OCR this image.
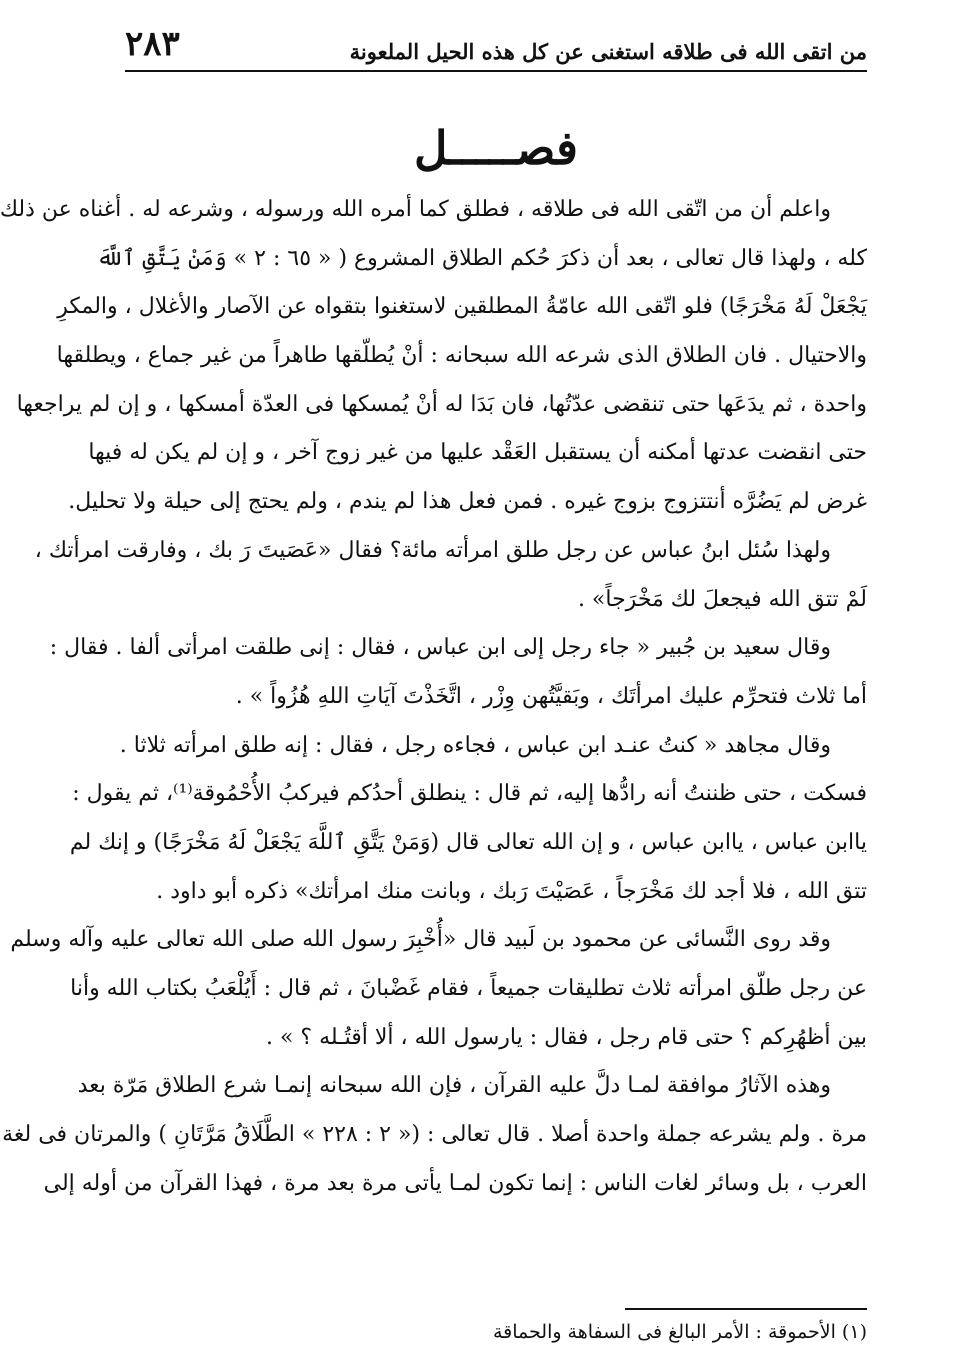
من اتقى الله فى طلاقه استغنى عن كل هذه الحيل الملعونة
٢٨٣
فصـــــل
واعلم أن من اتّقى الله فى طلاقه ، فطلق كما أمره الله ورسوله ، وشرعه له . أغناه عن ذلك
كله ، ولهذا قال تعالى ، بعد أن ذكرَ حُكم الطلاق المشروع ( « ٦٥ : ٢ » وَمَنْ يَتَّقِ ٱللَّهَ
يَجْعَلْ لَهُ مَخْرَجًا) فلو اتّقى الله عامّةُ المطلقين لاستغنوا بتقواه عن الآصار والأغلال ، والمكرِ
والاحتيال . فان الطلاق الذى شرعه الله سبحانه : أنْ يُطلّقها طاهراً من غير جماع ، ويطلقها
واحدة ، ثم يدَعَها حتى تنقضى عدّتُها، فان بَدَا له أنْ يُمسكها فى العدّة أمسكها ، و إن لم يراجعها
حتى انقضت عدتها أمكنه أن يستقبل العَقْد عليها من غير زوج آخر ، و إن لم يكن له فيها
غرض لم يَضُرَّه أنتتزوج بزوج غيره . فمن فعل هذا لم يندم ، ولم يحتج إلى حيلة ولا تحليل.
ولهذا سُئل ابنُ عباس عن رجل طلق امرأته مائة؟ فقال «عَصَيتَ رَ بك ، وفارقت امرأتك ،
لَمْ تتق الله فيجعلَ لك مَخْرَجاً» .
وقال سعيد بن جُبير « جاء رجل إلى ابن عباس ، فقال : إنى طلقت امرأتى ألفا . فقال :
أما ثلاث فتحرِّم عليك امرأتَك ، وبَقيَّتُهن وِزْر ، اتَّخَذْتَ آيَاتِ اللهِ هُزُواً » .
وقال مجاهد « كنتُ عنـد ابن عباس ، فجاءه رجل ، فقال : إنه طلق امرأته ثلاثا .
فسكت ، حتى ظننتُ أنه رادُّها إليه، ثم قال : ينطلق أحدُكم فيركبُ الأُحْمُوقة⁽¹⁾، ثم يقول :
ياابن عباس ، ياابن عباس ، و إن الله تعالى قال (وَمَنْ يَتَّقِ ٱللَّهَ يَجْعَلْ لَهُ مَخْرَجًا) و إنك لم
تتق الله ، فلا أجد لك مَخْرَجاً ، عَصَيْتَ رَبك ، وبانت منك امرأتك» ذكره أبو داود .
وقد روى النَّسائى عن محمود بن لَبيد قال «أُخْبِرَ رسول الله صلى الله تعالى عليه وآله وسلم
عن رجل طلّق امرأته ثلاث تطليقات جميعاً ، فقام غَضْبانَ ، ثم قال : أَيُلْعَبُ بكتاب الله وأنا
بين أظهُرِكم ؟ حتى قام رجل ، فقال : يارسول الله ، ألا أقتُـله ؟ » .
وهذه الآثارُ موافقة لمـا دلَّ عليه القرآن ، فإن الله سبحانه إنمـا شرع الطلاق مَرّة بعد
مرة . ولم يشرعه جملة واحدة أصلا . قال تعالى : (« ٢ : ٢٢٨ » الطَّلَاقُ مَرَّتَانِ ) والمرتان فى لغة
العرب ، بل وسائر لغات الناس : إنما تكون لمـا يأتى مرة بعد مرة ، فهذا القرآن من أوله إلى
(١) الأحموقة : الأمر البالغ فى السفاهة والحماقة
